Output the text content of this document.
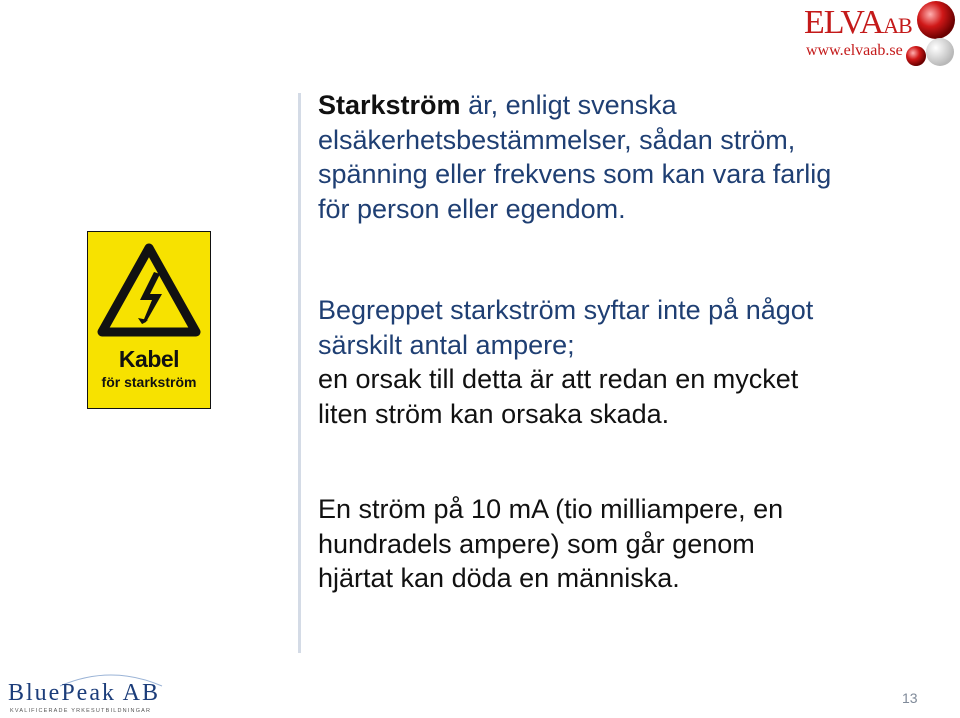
ELVAAB
www.elvaab.se
Kabel
för starkström
Starkström är, enligt svenska
elsäkerhetsbestämmelser, sådan ström,
spänning eller frekvens som kan vara farlig
för person eller egendom.
Begreppet starkström syftar inte på något
särskilt antal ampere;
en orsak till detta är att redan en mycket
liten ström kan orsaka skada.
En ström på 10 mA (tio milliampere, en
hundradels ampere) som går genom
hjärtat kan döda en människa.
BluePeak AB
KVALIFICERADE YRKESUTBILDNINGAR
13
